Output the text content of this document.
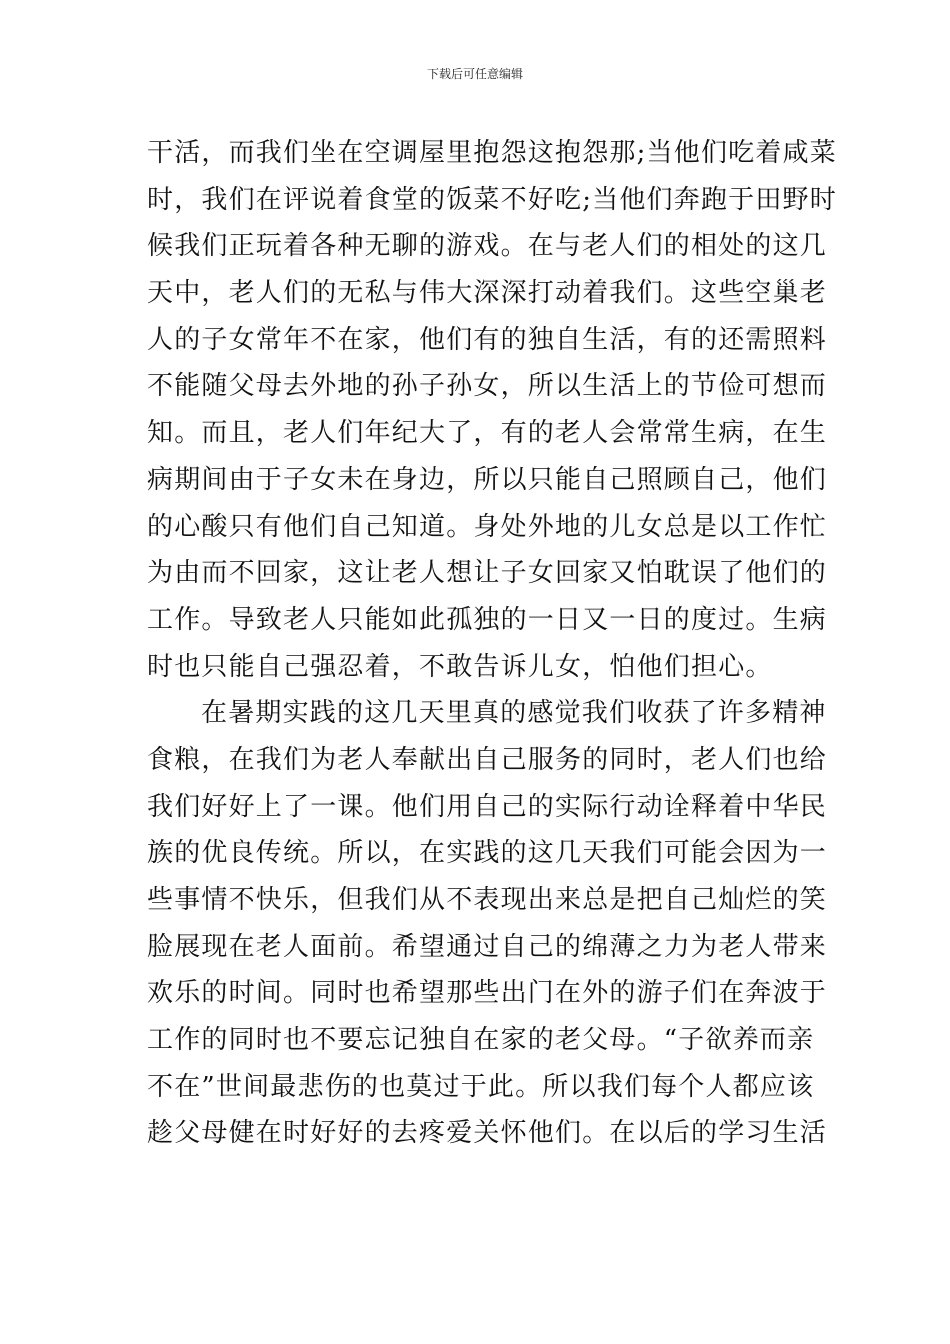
下载后可任意编辑
干活，而我们坐在空调屋里抱怨这抱怨那;当他们吃着咸菜
时，我们在评说着食堂的饭菜不好吃;当他们奔跑于田野时
候我们正玩着各种无聊的游戏。在与老人们的相处的这几
天中，老人们的无私与伟大深深打动着我们。这些空巢老
人的子女常年不在家，他们有的独自生活，有的还需照料
不能随父母去外地的孙子孙女，所以生活上的节俭可想而
知。而且，老人们年纪大了，有的老人会常常生病，在生
病期间由于子女未在身边，所以只能自己照顾自己，他们
的心酸只有他们自己知道。身处外地的儿女总是以工作忙
为由而不回家，这让老人想让子女回家又怕耽误了他们的
工作。导致老人只能如此孤独的一日又一日的度过。生病
时也只能自己强忍着，不敢告诉儿女，怕他们担心。
在暑期实践的这几天里真的感觉我们收获了许多精神
食粮，在我们为老人奉献出自己服务的同时，老人们也给
我们好好上了一课。他们用自己的实际行动诠释着中华民
族的优良传统。所以，在实践的这几天我们可能会因为一
些事情不快乐，但我们从不表现出来总是把自己灿烂的笑
脸展现在老人面前。希望通过自己的绵薄之力为老人带来
欢乐的时间。同时也希望那些出门在外的游子们在奔波于
工作的同时也不要忘记独自在家的老父母。“子欲养而亲
不在”世间最悲伤的也莫过于此。所以我们每个人都应该
趁父母健在时好好的去疼爱关怀他们。在以后的学习生活
